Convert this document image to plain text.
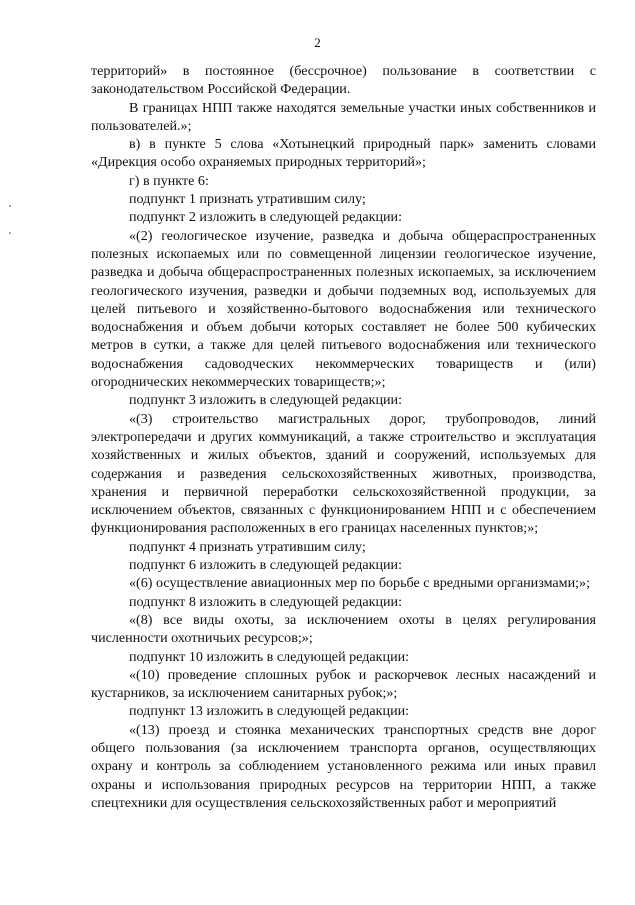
2

территорий» в постоянное (бессрочное) пользование в соответствии с законодательством Российской Федерации.

В границах НПП также находятся земельные участки иных собственников и пользователей.»;

в) в пункте 5 слова «Хотынецкий природный парк» заменить словами «Дирекция особо охраняемых природных территорий»;

г) в пункте 6:

подпункт 1 признать утратившим силу;

подпункт 2 изложить в следующей редакции:

«(2) геологическое изучение, разведка и добыча общераспространенных полезных ископаемых или по совмещенной лицензии геологическое изучение, разведка и добыча общераспространенных полезных ископаемых, за исключением геологического изучения, разведки и добычи подземных вод, используемых для целей питьевого и хозяйственно-бытового водоснабжения или технического водоснабжения и объем добычи которых составляет не более 500 кубических метров в сутки, а также для целей питьевого водоснабжения или технического водоснабжения садоводческих некоммерческих товариществ и (или) огороднических некоммерческих товариществ;»;

подпункт 3 изложить в следующей редакции:

«(3) строительство магистральных дорог, трубопроводов, линий электропередачи и других коммуникаций, а также строительство и эксплуатация хозяйственных и жилых объектов, зданий и сооружений, используемых для содержания и разведения сельскохозяйственных животных, производства, хранения и первичной переработки сельскохозяйственной продукции, за исключением объектов, связанных с функционированием НПП и с обеспечением функционирования расположенных в его границах населенных пунктов;»;

подпункт 4 признать утратившим силу;

подпункт 6 изложить в следующей редакции:

«(6) осуществление авиационных мер по борьбе с вредными организмами;»;

подпункт 8 изложить в следующей редакции:

«(8) все виды охоты, за исключением охоты в целях регулирования численности охотничьих ресурсов;»;

подпункт 10 изложить в следующей редакции:

«(10) проведение сплошных рубок и раскорчевок лесных насаждений и кустарников, за исключением санитарных рубок;»;

подпункт 13 изложить в следующей редакции:

«(13) проезд и стоянка механических транспортных средств вне дорог общего пользования (за исключением транспорта органов, осуществляющих охрану и контроль за соблюдением установленного режима или иных правил охраны и использования природных ресурсов на территории НПП, а также спецтехники для осуществления сельскохозяйственных работ и мероприятий
